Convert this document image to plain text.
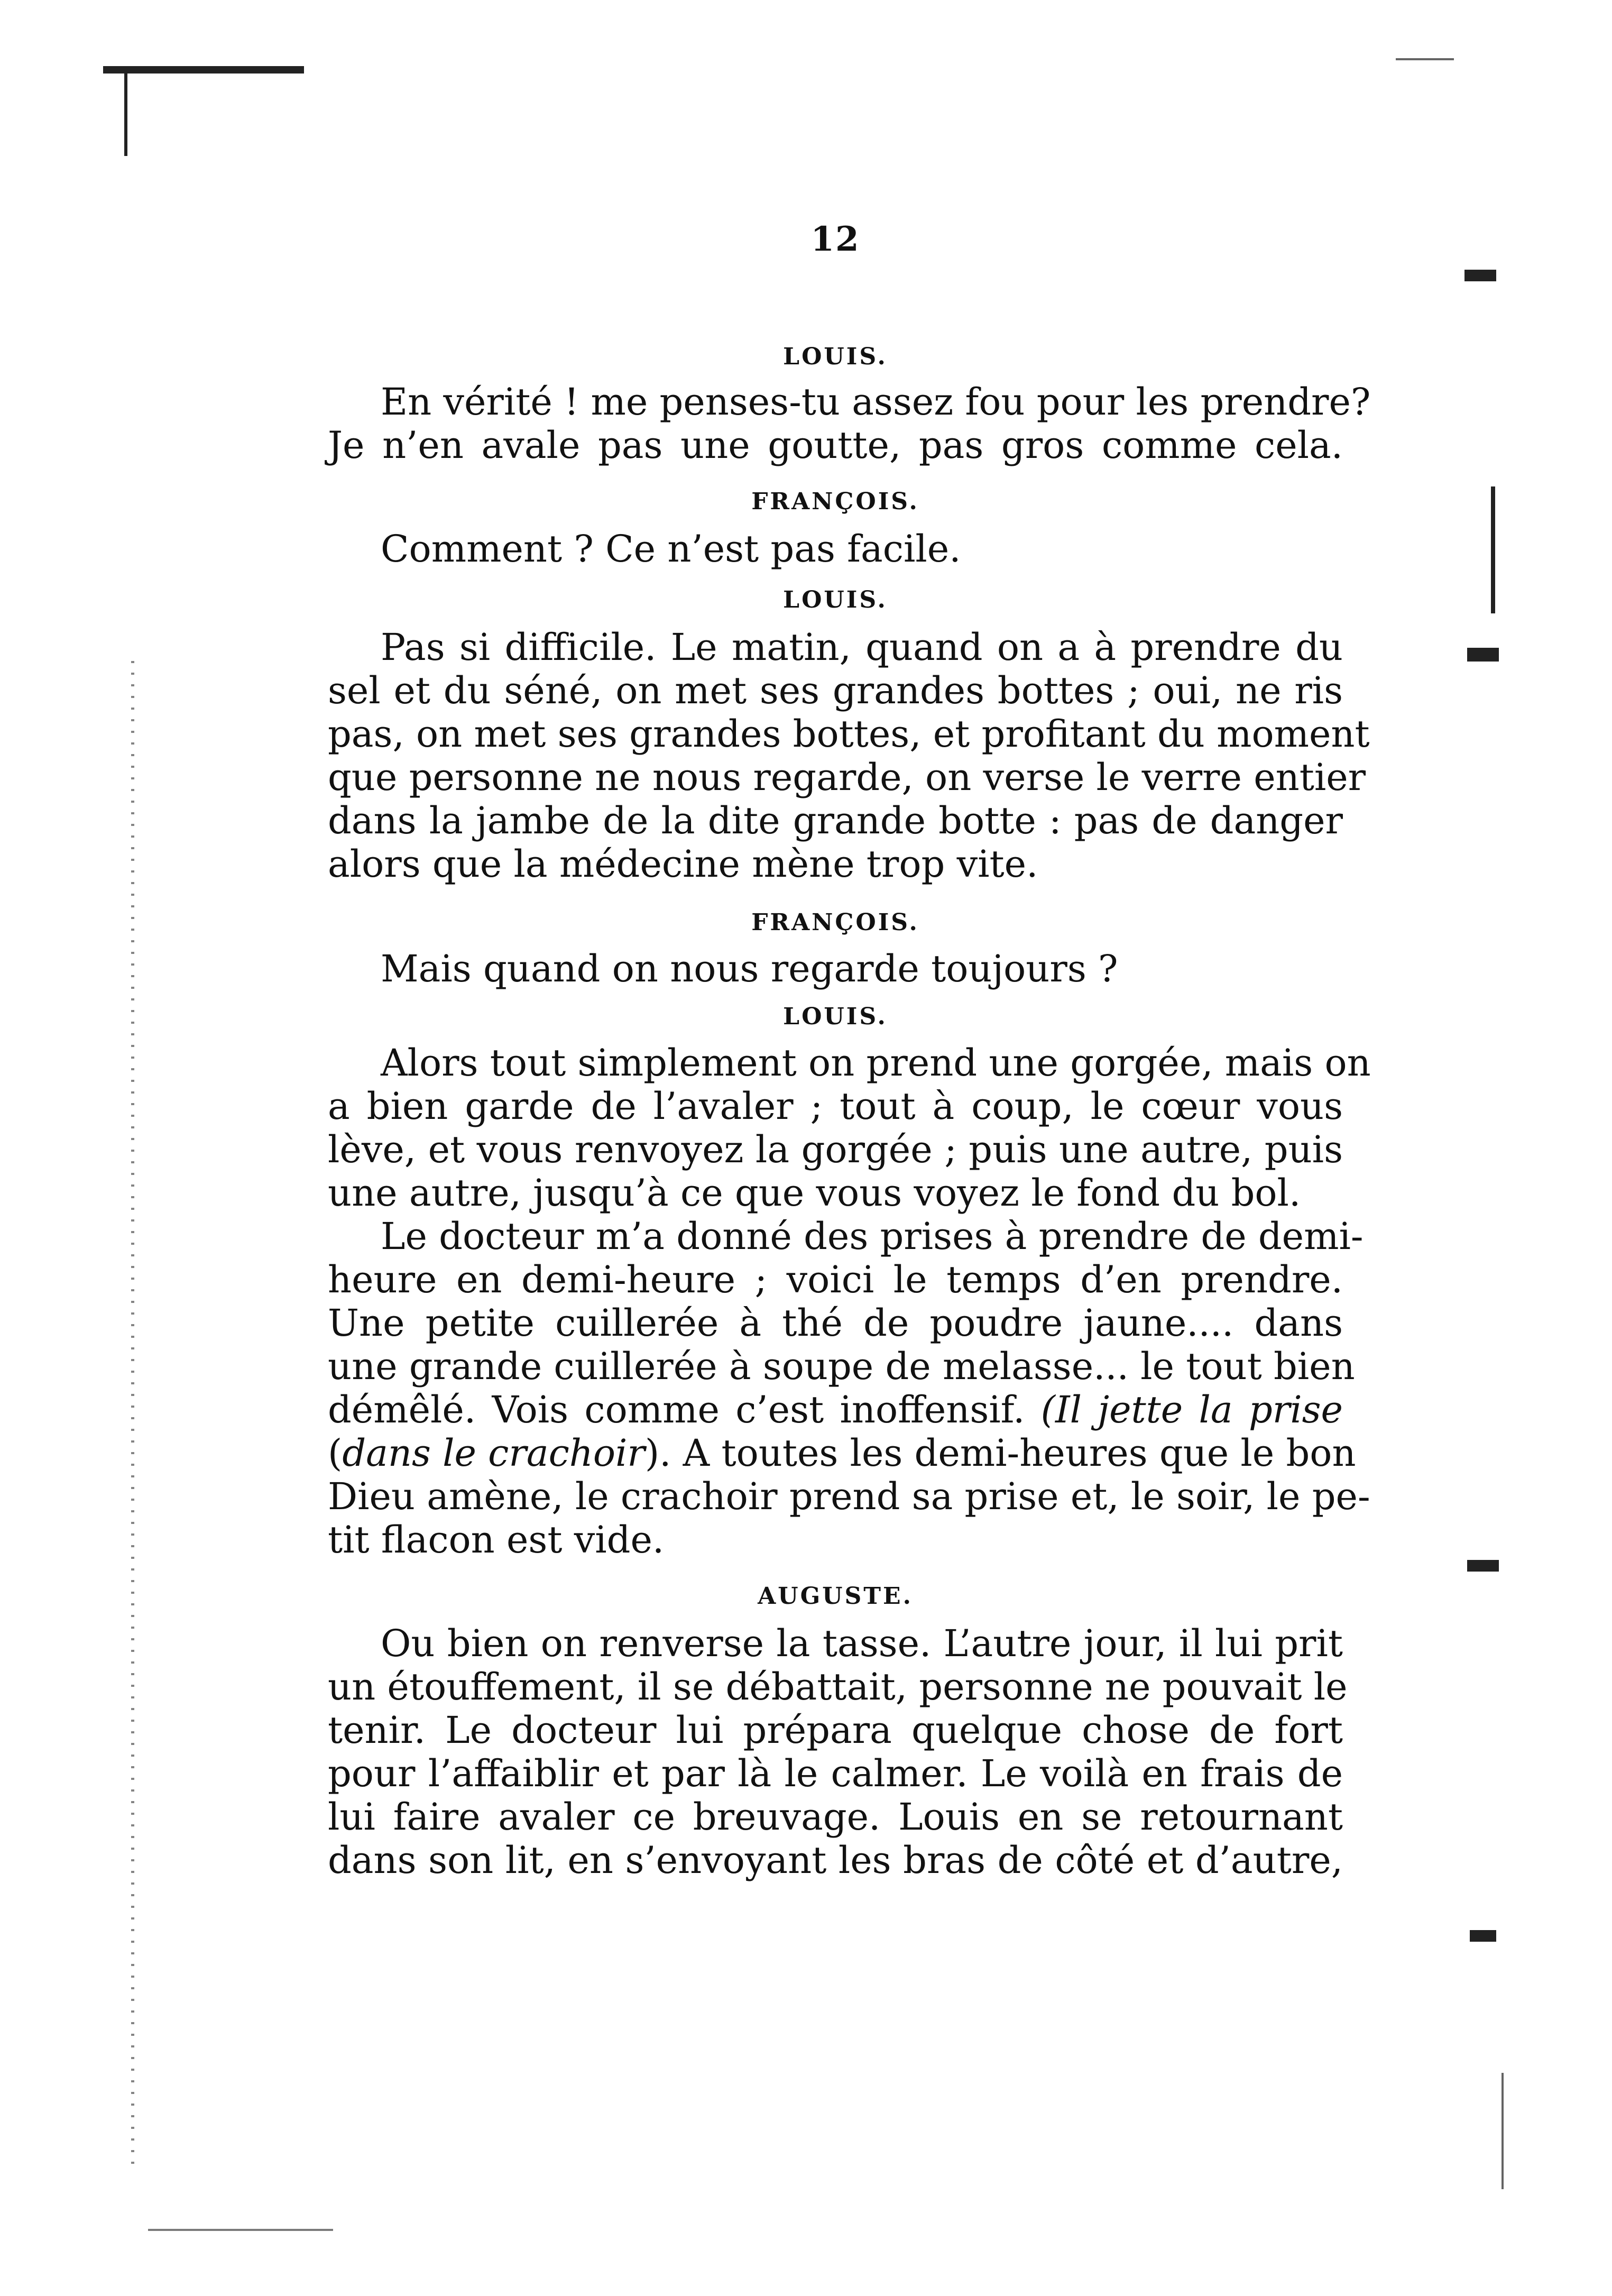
12

LOUIS.

En vérité ! me penses-tu assez fou pour les prendre?
Je n’en avale pas une goutte, pas gros comme cela.

FRANÇOIS.

Comment ? Ce n’est pas facile.

LOUIS.

Pas si difficile. Le matin, quand on a à prendre du
sel et du séné, on met ses grandes bottes ; oui, ne ris
pas, on met ses grandes bottes, et profitant du moment
que personne ne nous regarde, on verse le verre entier
dans la jambe de la dite grande botte : pas de danger
alors que la médecine mène trop vite.

FRANÇOIS.

Mais quand on nous regarde toujours ?

LOUIS.

Alors tout simplement on prend une gorgée, mais on
a bien garde de l’avaler ; tout à coup, le cœur vous
lève, et vous renvoyez la gorgée ; puis une autre, puis
une autre, jusqu’à ce que vous voyez le fond du bol.
Le docteur m’a donné des prises à prendre de demi-
heure en demi-heure ; voici le temps d’en prendre.
Une petite cuillerée à thé de poudre jaune.... dans
une grande cuillerée à soupe de melasse... le tout bien
démêlé. Vois comme c’est inoffensif. (Il jette la prise
(dans le crachoir). A toutes les demi-heures que le bon
Dieu amène, le crachoir prend sa prise et, le soir, le pe-
tit flacon est vide.

AUGUSTE.

Ou bien on renverse la tasse. L’autre jour, il lui prit
un étouffement, il se débattait, personne ne pouvait le
tenir. Le docteur lui prépara quelque chose de fort
pour l’affaiblir et par là le calmer. Le voilà en frais de
lui faire avaler ce breuvage. Louis en se retournant
dans son lit, en s’envoyant les bras de côté et d’autre,
